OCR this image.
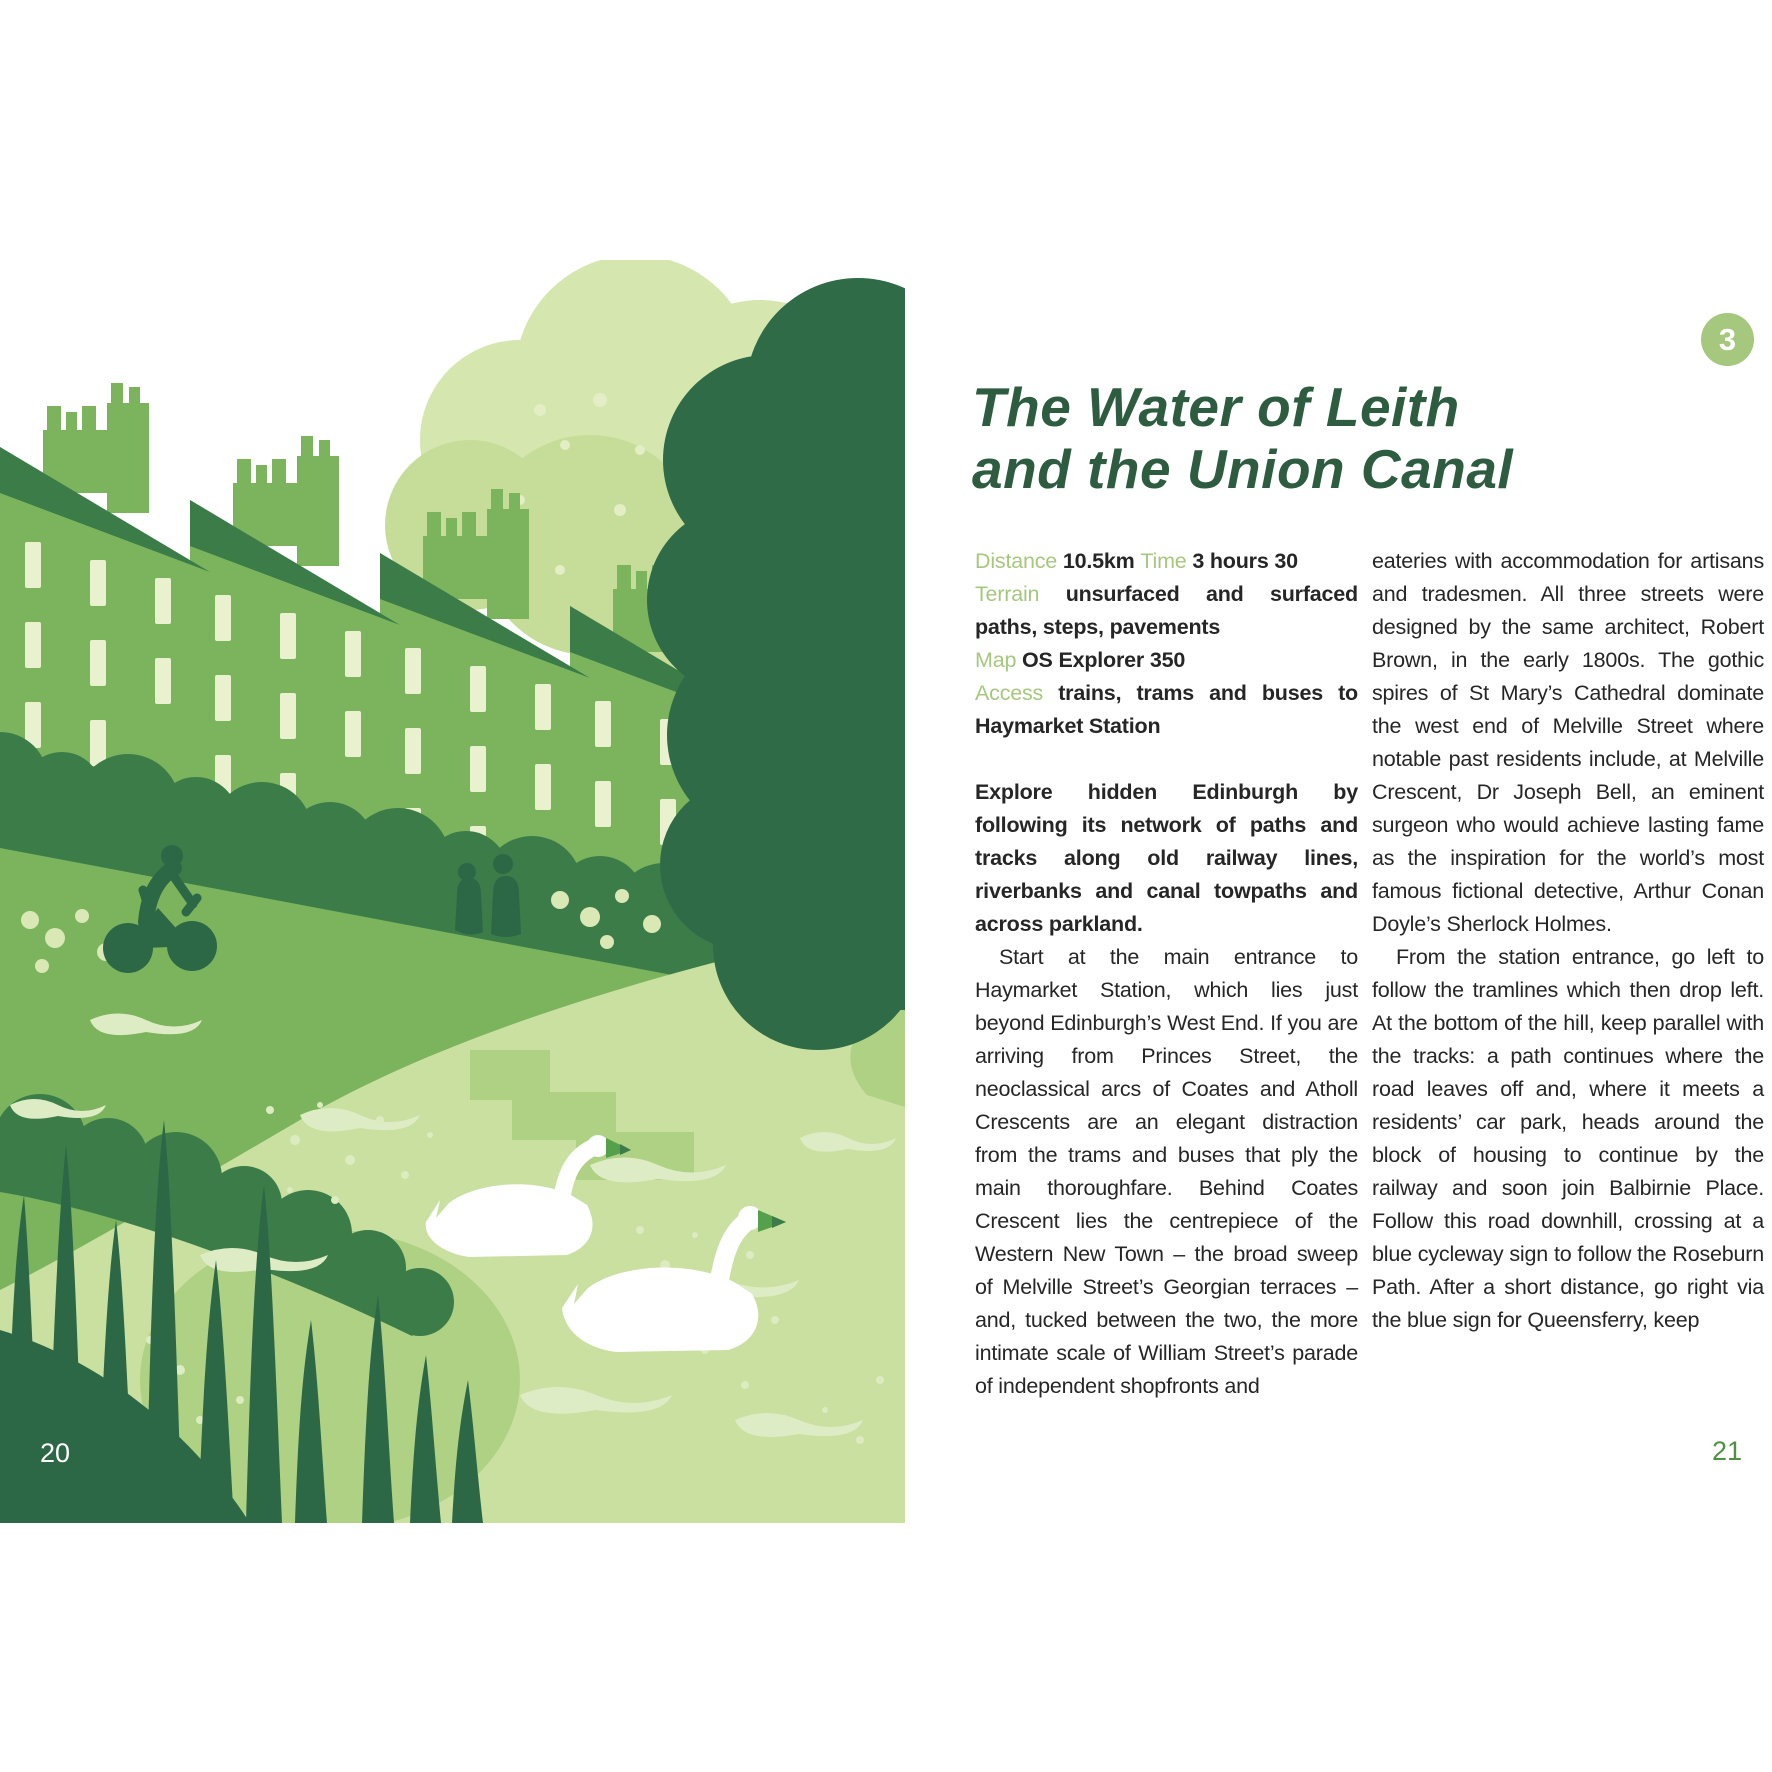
20
3
The Water of Leith
and the Union Canal

Distance 10.5km Time 3 hours 30

Terrain unsurfaced and surfaced paths, steps, pavements

Map OS Explorer 350

Access trains, trams and buses to Haymarket Station

Explore hidden Edinburgh by following its network of paths and tracks along old railway lines, riverbanks and canal towpaths and across parkland.

Start at the main entrance to Haymarket Station, which lies just beyond Edinburgh’s West End. If you are arriving from Princes Street, the neoclassical arcs of Coates and Atholl Crescents are an elegant distraction from the trams and buses that ply the main thoroughfare. Behind Coates Crescent lies the centrepiece of the Western New Town – the broad sweep of Melville Street’s Georgian terraces – and, tucked between the two, the more intimate scale of William Street’s parade of independent shopfronts and

eateries with accommodation for artisans and tradesmen. All three streets were designed by the same architect, Robert Brown, in the early 1800s. The gothic spires of St Mary’s Cathedral dominate the west end of Melville Street where notable past residents include, at Melville Crescent, Dr Joseph Bell, an eminent surgeon who would achieve lasting fame as the inspiration for the world’s most famous fictional detective, Arthur Conan Doyle’s Sherlock Holmes.

From the station entrance, go left to follow the tramlines which then drop left. At the bottom of the hill, keep parallel with the tracks: a path continues where the road leaves off and, where it meets a residents’ car park, heads around the block of housing to continue by the railway and soon join Balbirnie Place. Follow this road downhill, crossing at a blue cycleway sign to follow the Roseburn Path. After a short distance, go right via the blue sign for Queensferry, keep

21
